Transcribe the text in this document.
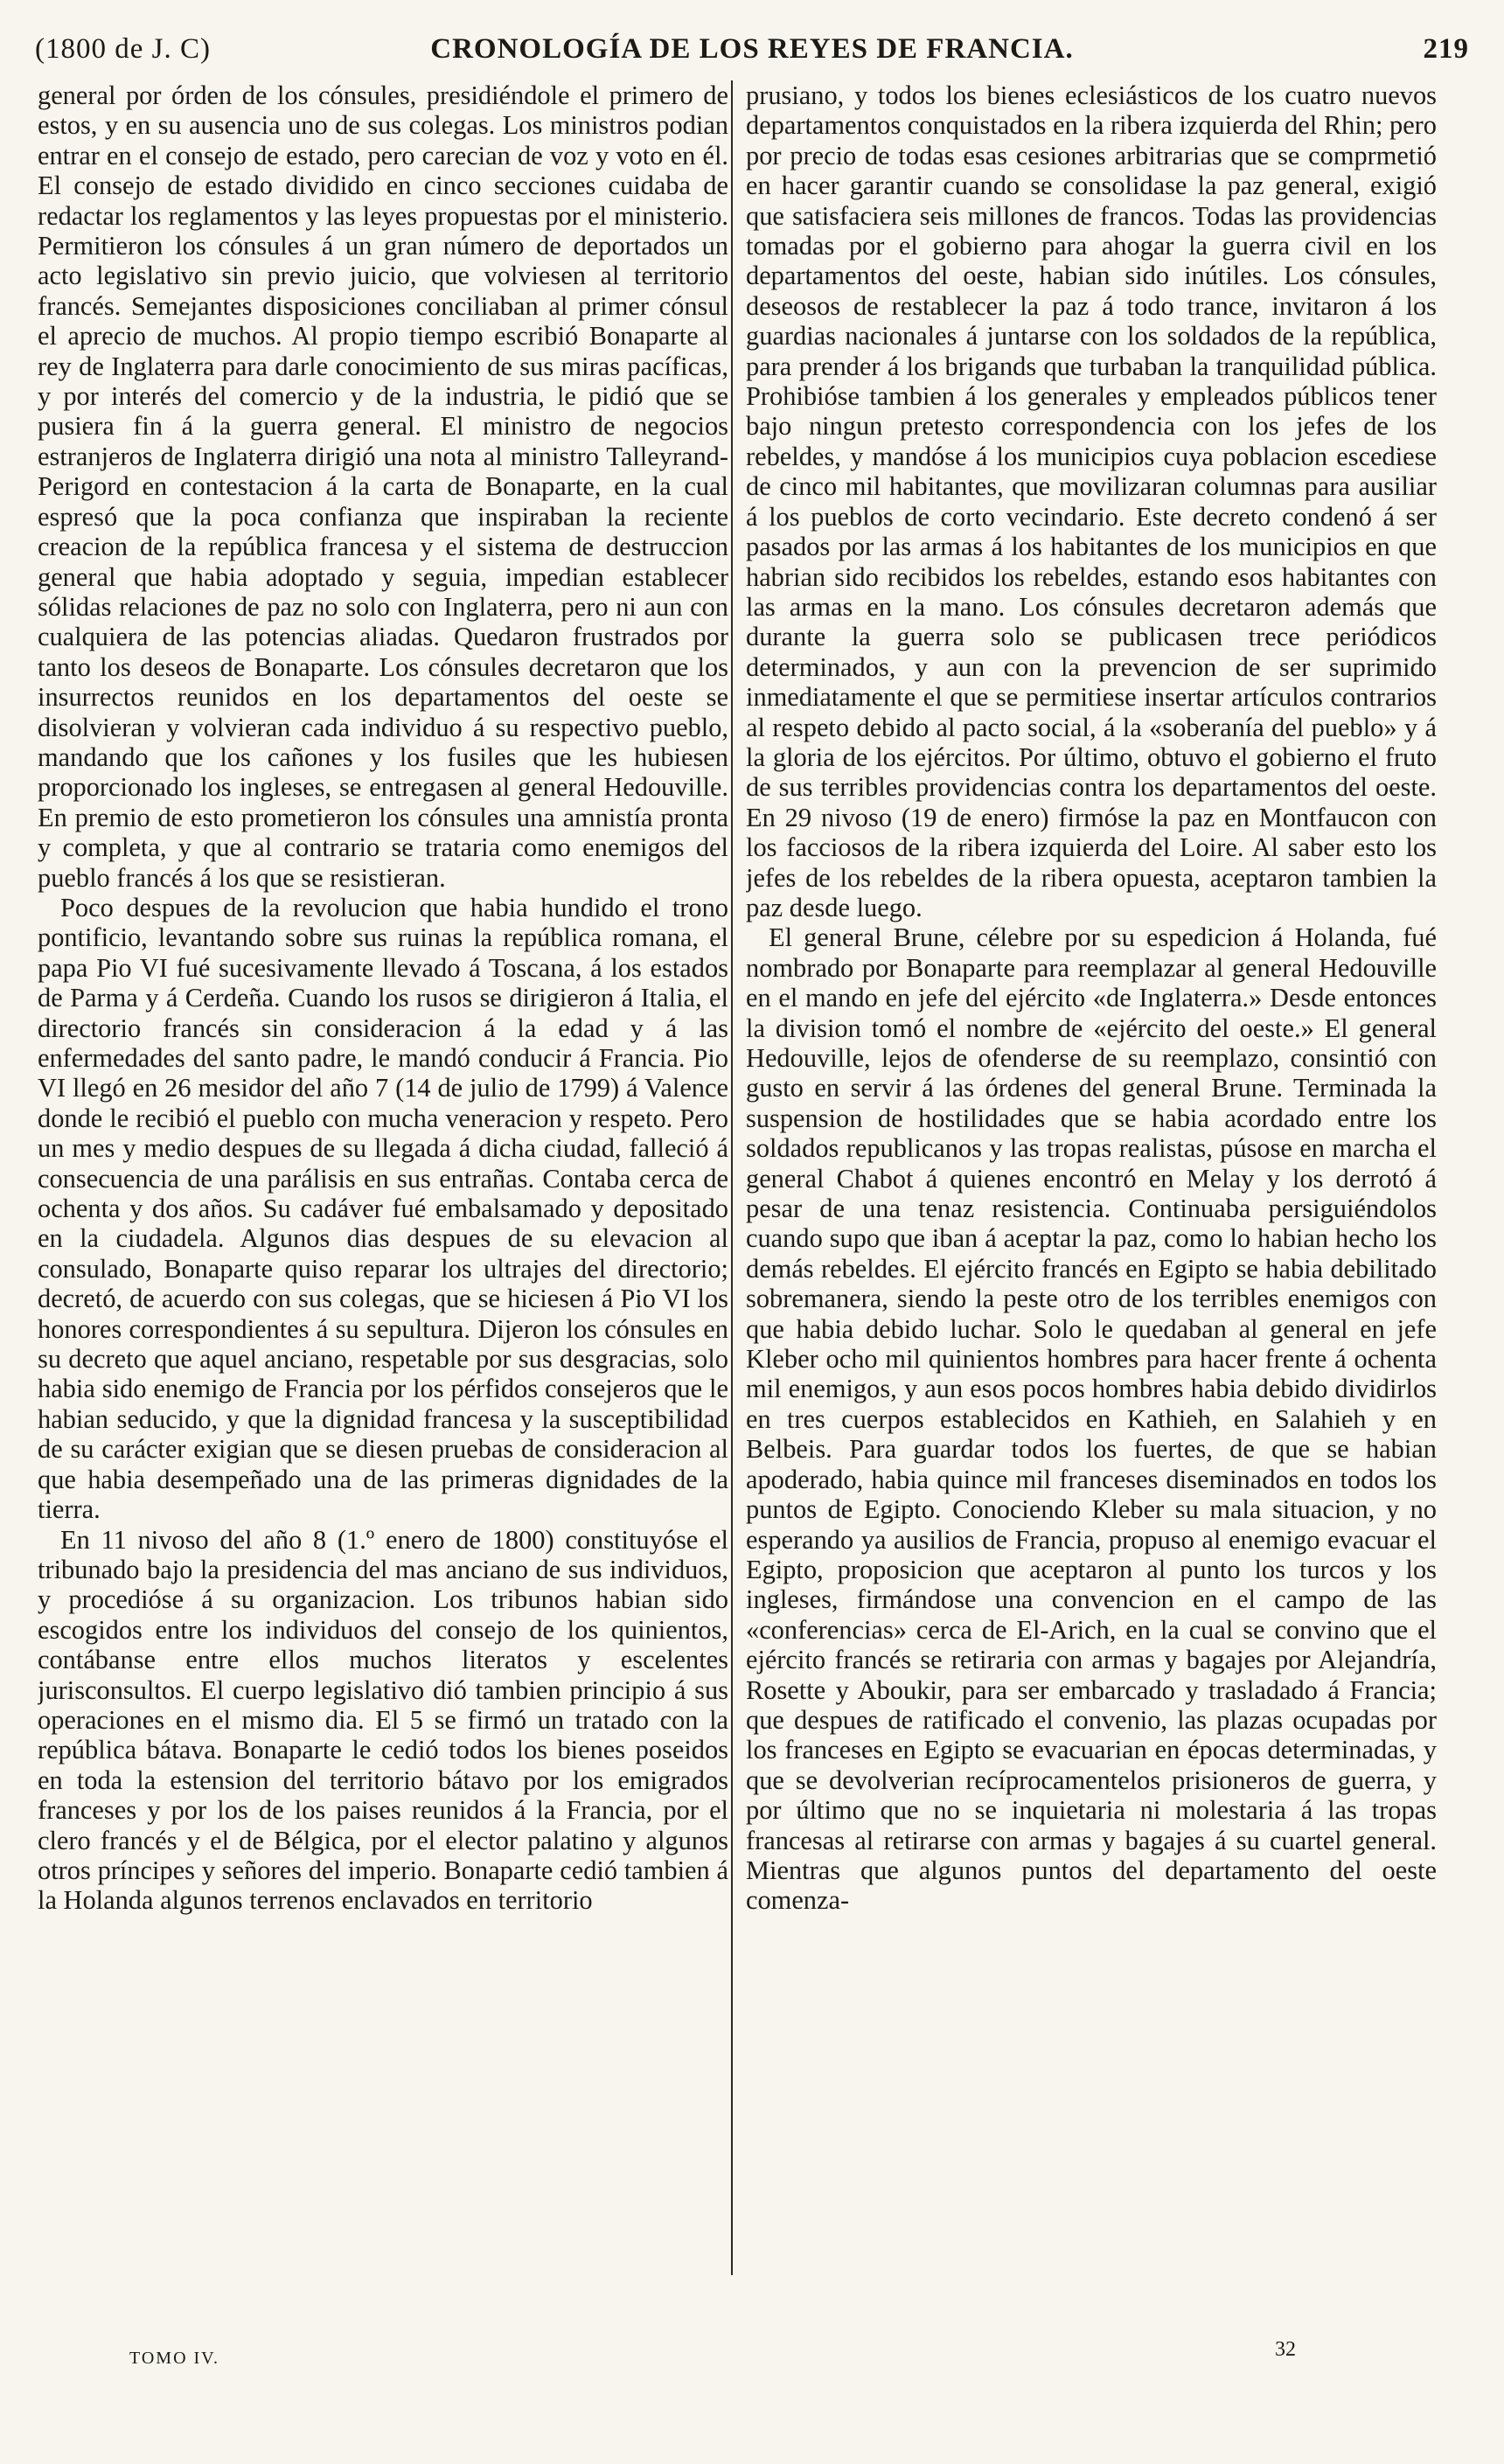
(1800 de J. C)	CRONOLOGÍA DE LOS REYES DE FRANCIA.	219

general por órden de los cónsules, presidiéndole el primero de estos, y en su ausencia uno de sus colegas. Los ministros podian entrar en el consejo de estado, pero carecian de voz y voto en él. El consejo de estado dividido en cinco secciones cuidaba de redactar los reglamentos y las leyes propuestas por el ministerio. Permitieron los cónsules á un gran número de deportados un acto legislativo sin previo juicio, que volviesen al territorio francés. Semejantes disposiciones conciliaban al primer cónsul el aprecio de muchos. Al propio tiempo escribió Bonaparte al rey de Inglaterra para darle conocimiento de sus miras pacíficas, y por interés del comercio y de la industria, le pidió que se pusiera fin á la guerra general. El ministro de negocios estranjeros de Inglaterra dirigió una nota al ministro Talleyrand-Perigord en contestacion á la carta de Bonaparte, en la cual espresó que la poca confianza que inspiraban la reciente creacion de la república francesa y el sistema de destruccion general que habia adoptado y seguia, impedian establecer sólidas relaciones de paz no solo con Inglaterra, pero ni aun con cualquiera de las potencias aliadas. Quedaron frustrados por tanto los deseos de Bonaparte. Los cónsules decretaron que los insurrectos reunidos en los departamentos del oeste se disolvieran y volvieran cada individuo á su respectivo pueblo, mandando que los cañones y los fusiles que les hubiesen proporcionado los ingleses, se entregasen al general Hedouville. En premio de esto prometieron los cónsules una amnistía pronta y completa, y que al contrario se trataria como enemigos del pueblo francés á los que se resistieran.

Poco despues de la revolucion que habia hundido el trono pontificio, levantando sobre sus ruinas la república romana, el papa Pio VI fué sucesivamente llevado á Toscana, á los estados de Parma y á Cerdeña. Cuando los rusos se dirigieron á Italia, el directorio francés sin consideracion á la edad y á las enfermedades del santo padre, le mandó conducir á Francia. Pio VI llegó en 26 mesidor del año 7 (14 de julio de 1799) á Valence donde le recibió el pueblo con mucha veneracion y respeto. Pero un mes y medio despues de su llegada á dicha ciudad, falleció á consecuencia de una parálisis en sus entrañas. Contaba cerca de ochenta y dos años. Su cadáver fué embalsamado y depositado en la ciudadela. Algunos dias despues de su elevacion al consulado, Bonaparte quiso reparar los ultrajes del directorio; decretó, de acuerdo con sus colegas, que se hiciesen á Pio VI los honores correspondientes á su sepultura. Dijeron los cónsules en su decreto que aquel anciano, respetable por sus desgracias, solo habia sido enemigo de Francia por los pérfidos consejeros que le habian seducido, y que la dignidad francesa y la susceptibilidad de su carácter exigian que se diesen pruebas de consideracion al que habia desempeñado una de las primeras dignidades de la tierra.

En 11 nivoso del año 8 (1.º enero de 1800) constituyóse el tribunado bajo la presidencia del mas anciano de sus individuos, y procedióse á su organizacion. Los tribunos habian sido escogidos entre los individuos del consejo de los quinientos, contábanse entre ellos muchos literatos y escelentes jurisconsultos. El cuerpo legislativo dió tambien principio á sus operaciones en el mismo dia. El 5 se firmó un tratado con la república bátava. Bonaparte le cedió todos los bienes poseidos en toda la estension del territorio bátavo por los emigrados franceses y por los de los paises reunidos á la Francia, por el clero francés y el de Bélgica, por el elector palatino y algunos otros príncipes y señores del imperio. Bonaparte cedió tambien á la Holanda algunos terrenos enclavados en territorio

prusiano, y todos los bienes eclesiásticos de los cuatro nuevos departamentos conquistados en la ribera izquierda del Rhin; pero por precio de todas esas cesiones arbitrarias que se comprmetió en hacer garantir cuando se consolidase la paz general, exigió que satisfaciera seis millones de francos. Todas las providencias tomadas por el gobierno para ahogar la guerra civil en los departamentos del oeste, habian sido inútiles. Los cónsules, deseosos de restablecer la paz á todo trance, invitaron á los guardias nacionales á juntarse con los soldados de la república, para prender á los brigands que turbaban la tranquilidad pública. Prohibióse tambien á los generales y empleados públicos tener bajo ningun pretesto correspondencia con los jefes de los rebeldes, y mandóse á los municipios cuya poblacion escediese de cinco mil habitantes, que movilizaran columnas para ausiliar á los pueblos de corto vecindario. Este decreto condenó á ser pasados por las armas á los habitantes de los municipios en que habrian sido recibidos los rebeldes, estando esos habitantes con las armas en la mano. Los cónsules decretaron además que durante la guerra solo se publicasen trece periódicos determinados, y aun con la prevencion de ser suprimido inmediatamente el que se permitiese insertar artículos contrarios al respeto debido al pacto social, á la «soberanía del pueblo» y á la gloria de los ejércitos. Por último, obtuvo el gobierno el fruto de sus terribles providencias contra los departamentos del oeste. En 29 nivoso (19 de enero) firmóse la paz en Montfaucon con los facciosos de la ribera izquierda del Loire. Al saber esto los jefes de los rebeldes de la ribera opuesta, aceptaron tambien la paz desde luego.

El general Brune, célebre por su espedicion á Holanda, fué nombrado por Bonaparte para reemplazar al general Hedouville en el mando en jefe del ejército «de Inglaterra.» Desde entonces la division tomó el nombre de «ejército del oeste.» El general Hedouville, lejos de ofenderse de su reemplazo, consintió con gusto en servir á las órdenes del general Brune. Terminada la suspension de hostilidades que se habia acordado entre los soldados republicanos y las tropas realistas, púsose en marcha el general Chabot á quienes encontró en Melay y los derrotó á pesar de una tenaz resistencia. Continuaba persiguiéndolos cuando supo que iban á aceptar la paz, como lo habian hecho los demás rebeldes. El ejército francés en Egipto se habia debilitado sobremanera, siendo la peste otro de los terribles enemigos con que habia debido luchar. Solo le quedaban al general en jefe Kleber ocho mil quinientos hombres para hacer frente á ochenta mil enemigos, y aun esos pocos hombres habia debido dividirlos en tres cuerpos establecidos en Kathieh, en Salahieh y en Belbeis. Para guardar todos los fuertes, de que se habian apoderado, habia quince mil franceses diseminados en todos los puntos de Egipto. Conociendo Kleber su mala situacion, y no esperando ya ausilios de Francia, propuso al enemigo evacuar el Egipto, proposicion que aceptaron al punto los turcos y los ingleses, firmándose una convencion en el campo de las «conferencias» cerca de El-Arich, en la cual se convino que el ejército francés se retiraria con armas y bagajes por Alejandría, Rosette y Aboukir, para ser embarcado y trasladado á Francia; que despues de ratificado el convenio, las plazas ocupadas por los franceses en Egipto se evacuarian en épocas determinadas, y que se devolverian recíprocamentelos prisioneros de guerra, y por último que no se inquietaria ni molestaria á las tropas francesas al retirarse con armas y bagajes á su cuartel general. Mientras que algunos puntos del departamento del oeste comenza-

TOMO IV.	32
